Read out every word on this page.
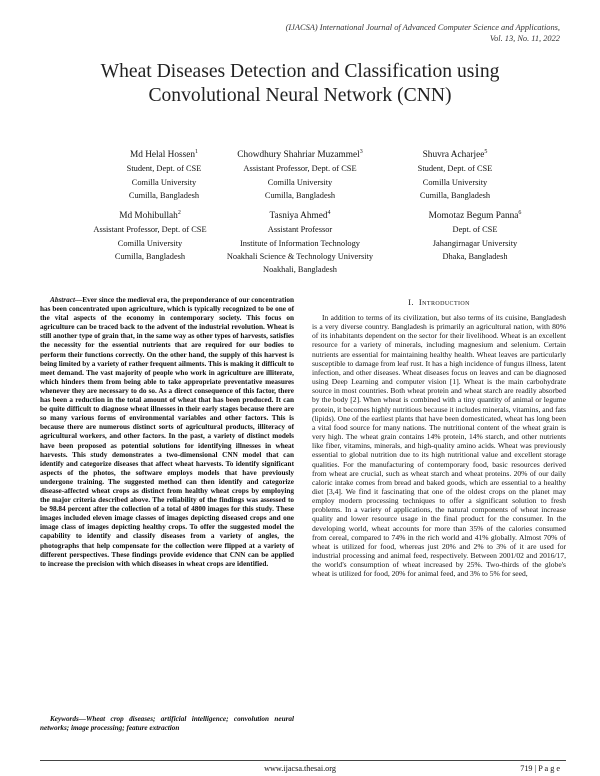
(IJACSA) International Journal of Advanced Computer Science and Applications,
Vol. 13, No. 11, 2022
Wheat Diseases Detection and Classification using
Convolutional Neural Network (CNN)
Md Helal Hossen$^1$
Student, Dept. of CSE
Comilla University
Cumilla, Bangladesh
Chowdhury Shahriar Muzammel$^3$
Assistant Professor, Dept. of CSE
Comilla University
Cumilla, Bangladesh
Shuvra Acharjee$^5$
Student, Dept. of CSE
Comilla University
Cumilla, Bangladesh
Md Mohibullah$^2$
Assistant Professor, Dept. of CSE
Comilla University
Cumilla, Bangladesh
Tasniya Ahmed$^4$
Assistant Professor
Institute of Information Technology
Noakhali Science & Technology University
Noakhali, Bangladesh
Momotaz Begum Panna$^6$
Dept. of CSE
Jahangirnagar University
Dhaka, Bangladesh
Abstract—Ever since the medieval era, the preponderance of our concentration has been concentrated upon agriculture, which is typically recognized to be one of the vital aspects of the economy in contemporary society. This focus on agriculture can be traced back to the advent of the industrial revolution. Wheat is still another type of grain that, in the same way as other types of harvests, satisfies the necessity for the essential nutrients that are required for our bodies to perform their functions correctly. On the other hand, the supply of this harvest is being limited by a variety of rather frequent ailments. This is making it difficult to meet demand. The vast majority of people who work in agriculture are illiterate, which hinders them from being able to take appropriate preventative measures whenever they are necessary to do so. As a direct consequence of this factor, there has been a reduction in the total amount of wheat that has been produced. It can be quite difficult to diagnose wheat illnesses in their early stages because there are so many various forms of environmental variables and other factors. This is because there are numerous distinct sorts of agricultural products, illiteracy of agricultural workers, and other factors. In the past, a variety of distinct models have been proposed as potential solutions for identifying illnesses in wheat harvests. This study demonstrates a two-dimensional CNN model that can identify and categorize diseases that affect wheat harvests. To identify significant aspects of the photos, the software employs models that have previously undergone training. The suggested method can then identify and categorize disease-affected wheat crops as distinct from healthy wheat crops by employing the major criteria described above. The reliability of the findings was assessed to be 98.84 percent after the collection of a total of 4800 images for this study. These images included eleven image classes of images depicting diseased crops and one image class of images depicting healthy crops. To offer the suggested model the capability to identify and classify diseases from a variety of angles, the photographs that help compensate for the collection were flipped at a variety of different perspectives. These findings provide evidence that CNN can be applied to increase the precision with which diseases in wheat crops are identified.
Keywords—Wheat crop diseases; artificial intelligence; convolution neural networks; image processing; feature extraction
I. Introduction
In addition to terms of its civilization, but also terms of its cuisine, Bangladesh is a very diverse country. Bangladesh is primarily an agricultural nation, with 80% of its inhabitants dependent on the sector for their livelihood. Wheat is an excellent resource for a variety of minerals, including magnesium and selenium. Certain nutrients are essential for maintaining healthy health. Wheat leaves are particularly susceptible to damage from leaf rust. It has a high incidence of fungus illness, latent infection, and other diseases. Wheat diseases focus on leaves and can be diagnosed using Deep Learning and computer vision [1]. Wheat is the main carbohydrate source in most countries. Both wheat protein and wheat starch are readily absorbed by the body [2]. When wheat is combined with a tiny quantity of animal or legume protein, it becomes highly nutritious because it includes minerals, vitamins, and fats (lipids). One of the earliest plants that have been domesticated, wheat has long been a vital food source for many nations. The nutritional content of the wheat grain is very high. The wheat grain contains 14% protein, 14% starch, and other nutrients like fiber, vitamins, minerals, and high-quality amino acids. Wheat was previously essential to global nutrition due to its high nutritional value and excellent storage qualities. For the manufacturing of contemporary food, basic resources derived from wheat are crucial, such as wheat starch and wheat proteins. 20% of our daily caloric intake comes from bread and baked goods, which are essential to a healthy diet [3,4]. We find it fascinating that one of the oldest crops on the planet may employ modern processing techniques to offer a significant solution to fresh problems. In a variety of applications, the natural components of wheat increase quality and lower resource usage in the final product for the consumer. In the developing world, wheat accounts for more than 35% of the calories consumed from cereal, compared to 74% in the rich world and 41% globally. Almost 70% of wheat is utilized for food, whereas just 20% and 2% to 3% of it are used for industrial processing and animal feed, respectively. Between 2001/02 and 2016/17, the world's consumption of wheat increased by 25%. Two-thirds of the globe's wheat is utilized for food, 20% for animal feed, and 3% to 5% for seed,
www.ijacsa.thesai.org	719 | P a g e
